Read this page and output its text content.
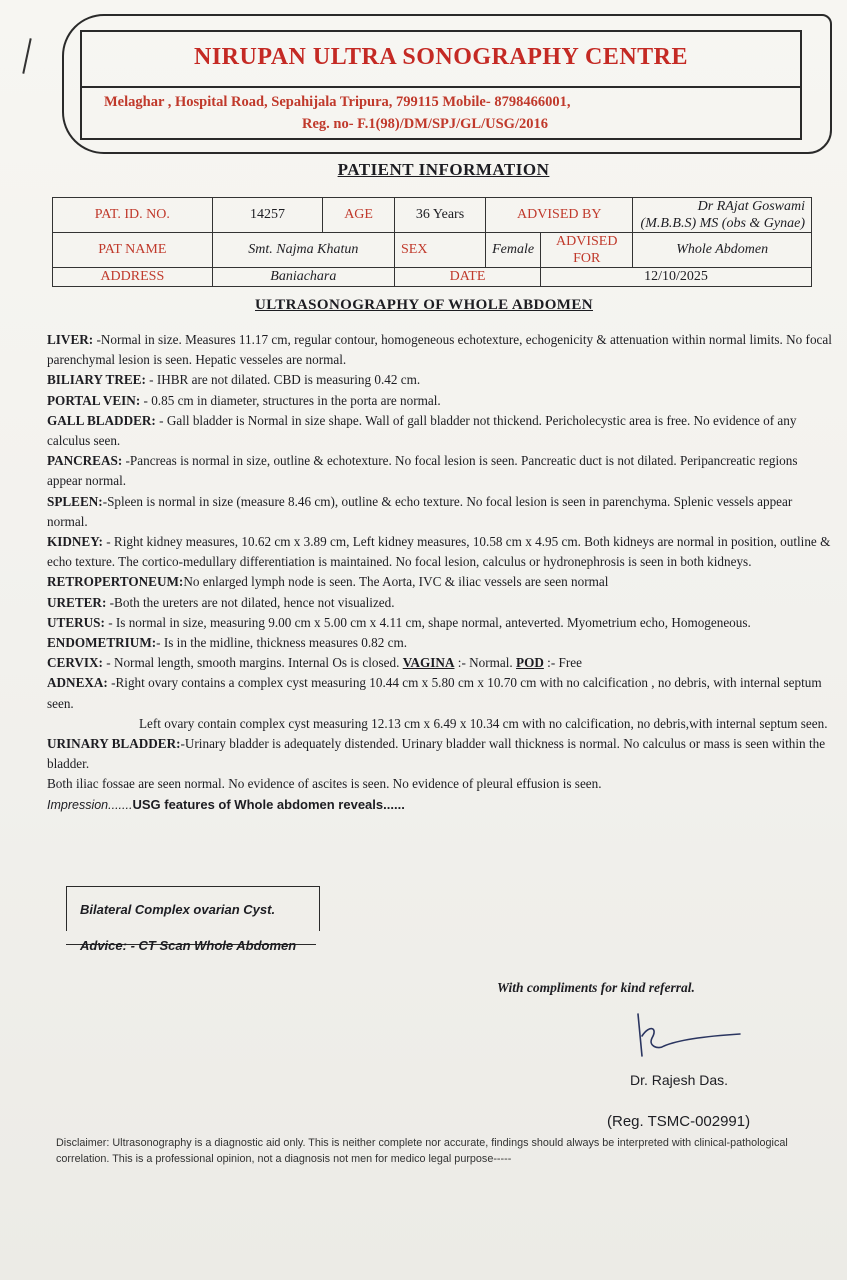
NIRUPAN ULTRA SONOGRAPHY CENTRE
Melaghar , Hospital Road, Sepahijala Tripura, 799115 Mobile- 8798466001,
Reg. no- F.1(98)/DM/SPJ/GL/USG/2016
PATIENT INFORMATION
PAT. ID. NO.	14257	AGE	36 Years	ADVISED BY		Dr RAjat Goswami
(M.B.B.S) MS (obs & Gynae)

PAT NAME	Smt. Najma Khatun		SEX	Female	ADVISED FOR	Whole Abdomen
ADDRESS	Baniachara		DATE		12/10/2025	
ULTRASONOGRAPHY OF WHOLE ABDOMEN

LIVER: -Normal in size. Measures 11.17 cm, regular contour, homogeneous echotexture, echogenicity & attenuation within normal limits. No focal parenchymal lesion is seen. Hepatic vesseles are normal.

BILIARY TREE: - IHBR are not dilated. CBD is measuring 0.42 cm.

PORTAL VEIN: - 0.85 cm in diameter, structures in the porta are normal.

GALL BLADDER: - Gall bladder is Normal in size shape. Wall of gall bladder not thickend. Pericholecystic area is free. No evidence of any calculus seen.

PANCREAS: -Pancreas is normal in size, outline & echotexture. No focal lesion is seen. Pancreatic duct is not dilated. Peripancreatic regions appear normal.

SPLEEN:-Spleen is normal in size (measure 8.46 cm), outline & echo texture. No focal lesion is seen in parenchyma. Splenic vessels appear normal.

KIDNEY: - Right kidney measures, 10.62 cm x 3.89 cm, Left kidney measures, 10.58 cm x 4.95 cm. Both kidneys are normal in position, outline & echo texture. The cortico-medullary differentiation is maintained. No focal lesion, calculus or hydronephrosis is seen in both kidneys.

RETROPERTONEUM:No enlarged lymph node is seen. The Aorta, IVC & iliac vessels are seen normal

URETER: -Both the ureters are not dilated, hence not visualized.

UTERUS: - Is normal in size, measuring 9.00 cm x 5.00 cm x 4.11 cm, shape normal, anteverted. Myometrium echo, Homogeneous.

ENDOMETRIUM:- Is in the midline, thickness measures 0.82 cm.

CERVIX: - Normal length, smooth margins. Internal Os is closed. VAGINA :- Normal. POD :- Free

ADNEXA: -Right ovary contains a complex cyst measuring 10.44 cm x 5.80 cm x 10.70 cm with no calcification , no debris, with internal septum seen.

Left ovary contain complex cyst measuring 12.13 cm x 6.49 x 10.34 cm with no calcification, no debris,with internal septum seen.

URINARY BLADDER:-Urinary bladder is adequately distended. Urinary bladder wall thickness is normal. No calculus or mass is seen within the bladder.

Both iliac fossae are seen normal. No evidence of ascites is seen. No evidence of pleural effusion is seen.

Impression.......USG features of Whole abdomen reveals......

Bilateral Complex ovarian Cyst.
Advice: - CT Scan Whole Abdomen
With compliments for kind referral.
Dr. Rajesh Das.
(Reg. TSMC-002991)
Disclaimer: Ultrasonography is a diagnostic aid only. This is neither complete nor accurate, findings should always be interpreted with clinical-pathological correlation. This is a professional opinion, not a diagnosis not men for medico legal purpose-----
